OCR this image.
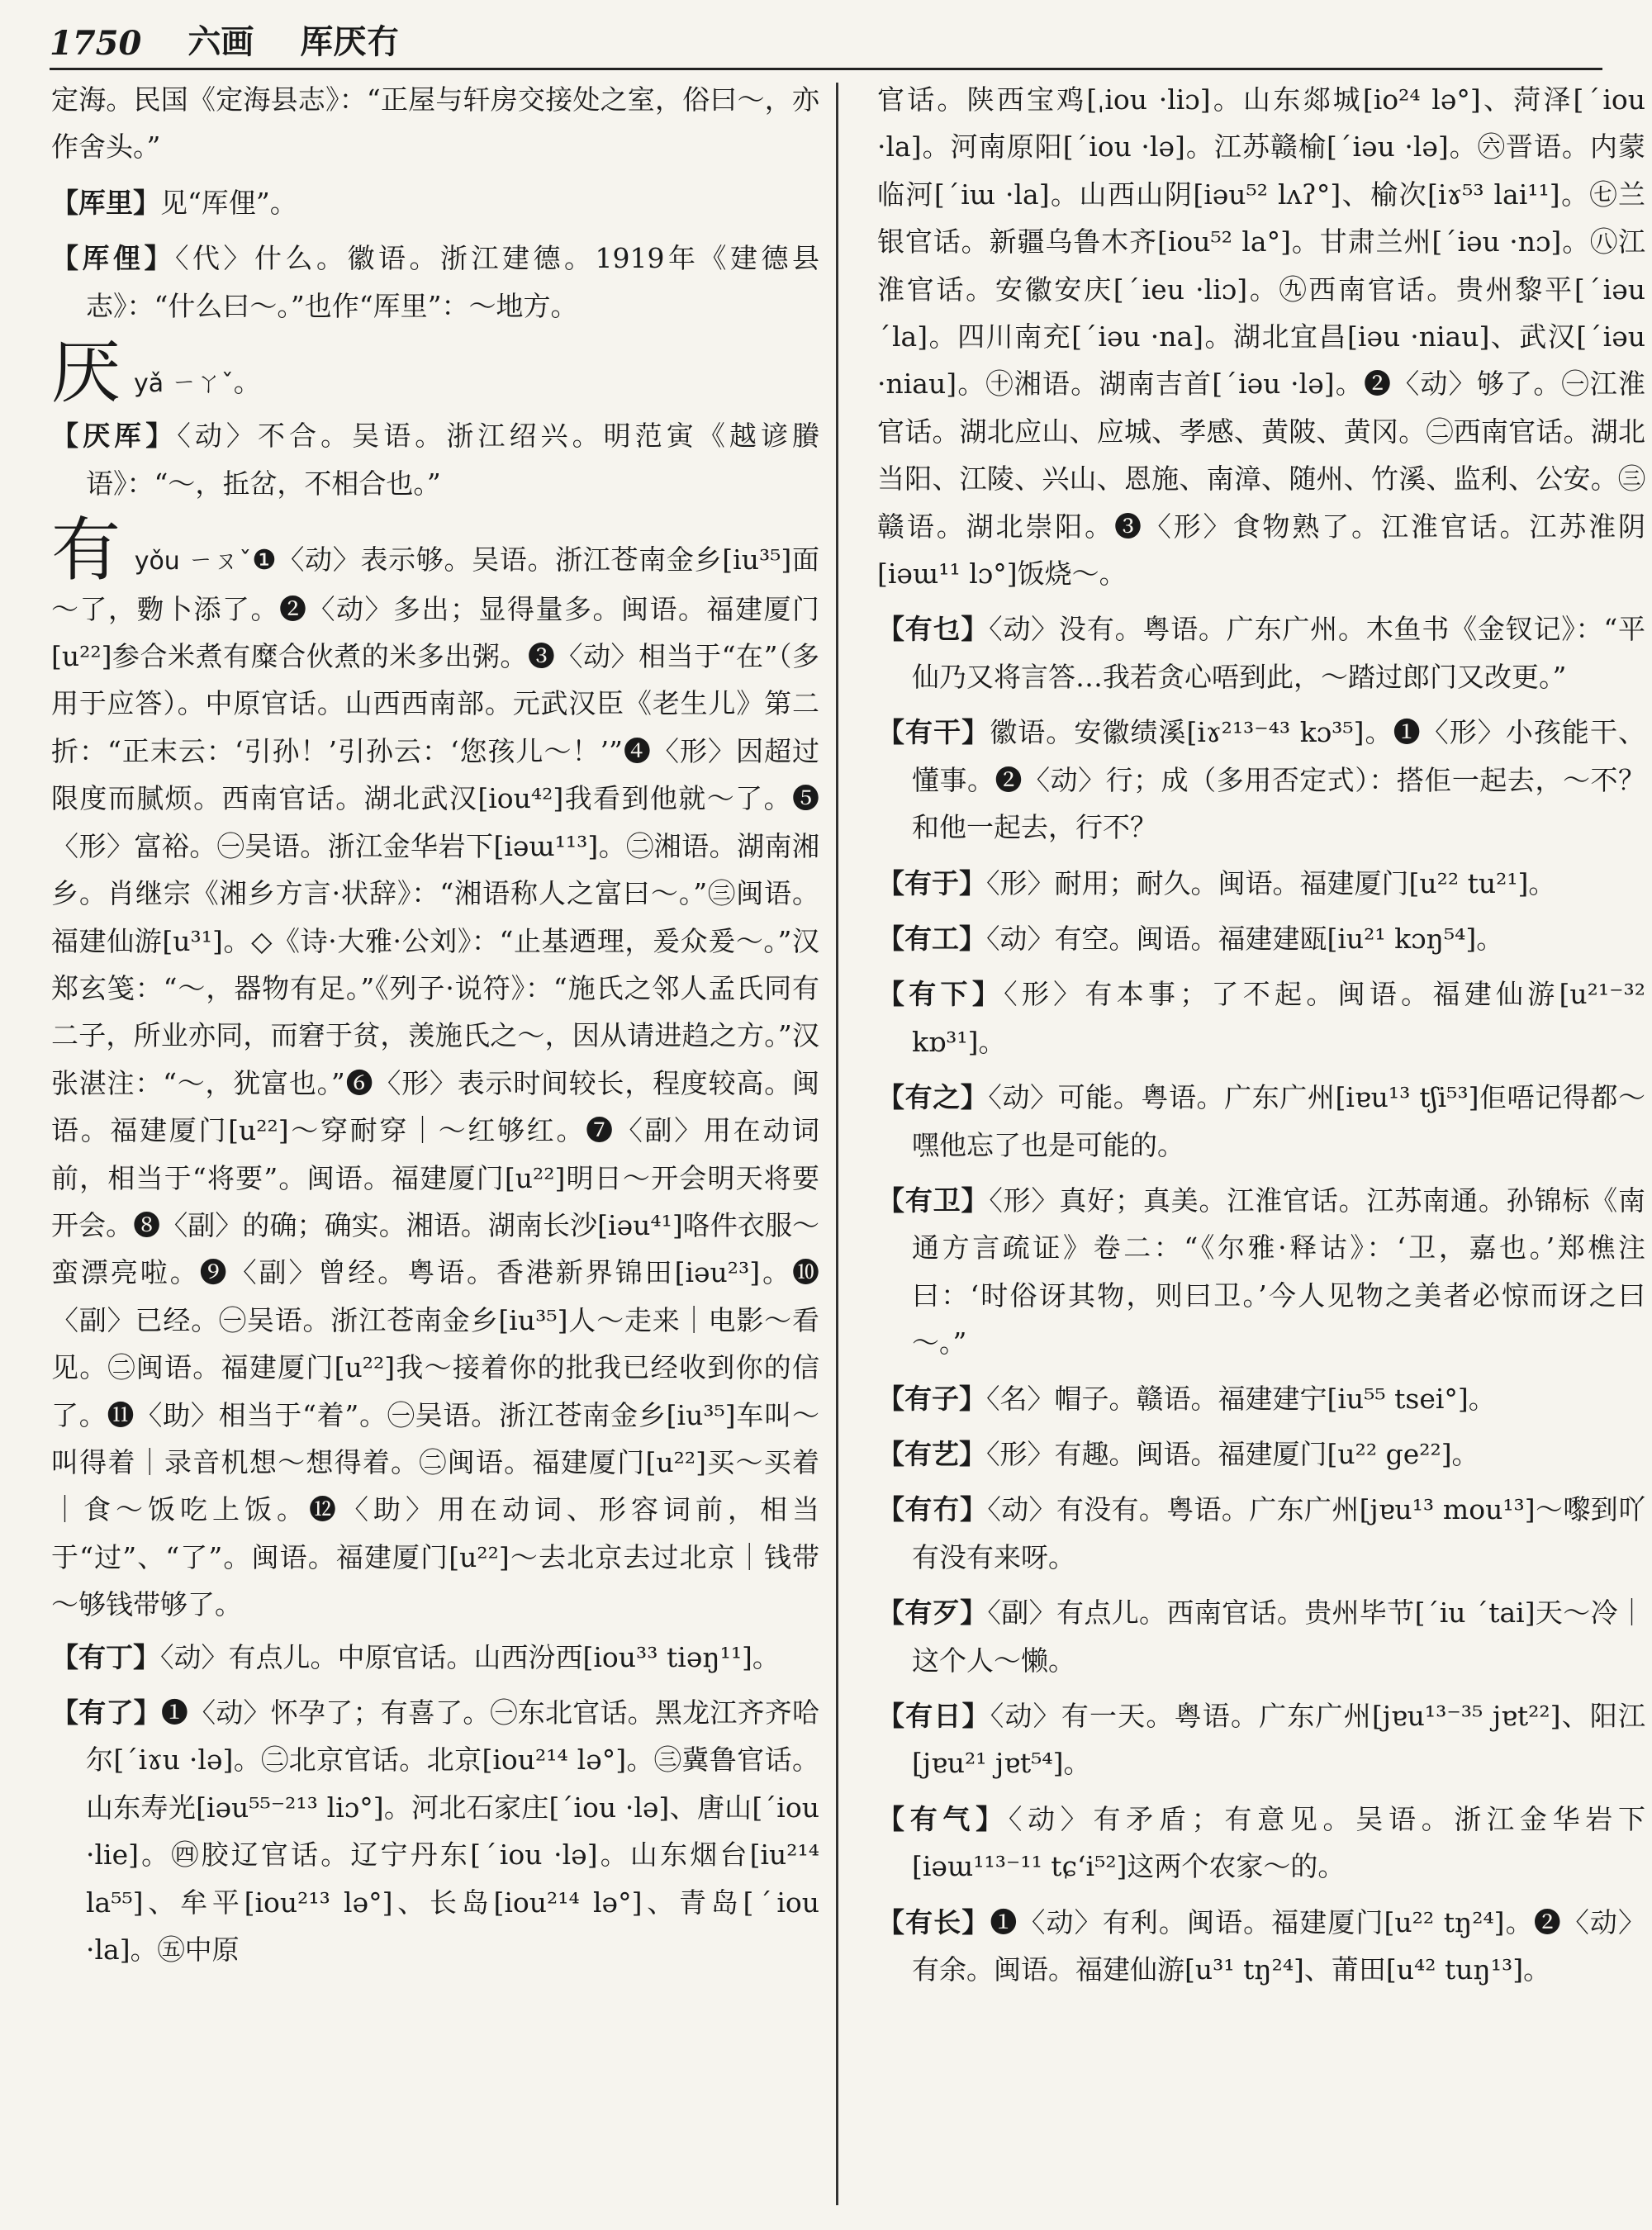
1750 六画 厍厌冇

定海。民国《定海县志》：“正屋与轩房交接处之室，俗曰～，亦作舍头。”

【厍里】见“厍俚”。

【厍俚】〈代〉什么。徽语。浙江建德。1919年《建德县志》：“什么曰～。”也作“厍里”：～地方。

厌yǎ ㄧㄚˇ。

【厌厍】〈动〉不合。吴语。浙江绍兴。明范寅《越谚賸语》：“～，拞岔，不相合也。”

有yǒu ㄧㄡˇ❶〈动〉表示够。吴语。浙江苍南金乡[iu³⁵]面～了，覅卜添了。❷〈动〉多出；显得量多。闽语。福建厦门[u²²]参合米煮有糜合伙煮的米多出粥。❸〈动〉相当于“在”（多用于应答）。中原官话。山西西南部。元武汉臣《老生儿》第二折：“正末云：‘引孙！’引孙云：‘您孩儿～！’”❹〈形〉因超过限度而腻烦。西南官话。湖北武汉[iou⁴²]我看到他就～了。❺〈形〉富裕。㊀吴语。浙江金华岩下[iəɯ¹¹³]。㊁湘语。湖南湘乡。肖继宗《湘乡方言·状辞》：“湘语称人之富曰～。”㊂闽语。福建仙游[u³¹]。◇《诗·大雅·公刘》：“止基迺理，爰众爰～。”汉郑玄笺：“～，器物有足。”《列子·说符》：“施氏之邻人孟氏同有二子，所业亦同，而窘于贫，羡施氏之～，因从请进趋之方。”汉张湛注：“～，犹富也。”❻〈形〉表示时间较长，程度较高。闽语。福建厦门[u²²]～穿耐穿｜～红够红。❼〈副〉用在动词前，相当于“将要”。闽语。福建厦门[u²²]明日～开会明天将要开会。❽〈副〉的确；确实。湘语。湖南长沙[iəu⁴¹]咯件衣服～蛮漂亮啦。❾〈副〉曾经。粤语。香港新界锦田[iəu²³]。❿〈副〉已经。㊀吴语。浙江苍南金乡[iu³⁵]人～走来｜电影～看见。㊁闽语。福建厦门[u²²]我～接着你的批我已经收到你的信了。⓫〈助〉相当于“着”。㊀吴语。浙江苍南金乡[iu³⁵]车叫～叫得着｜录音机想～想得着。㊁闽语。福建厦门[u²²]买～买着｜食～饭吃上饭。⓬〈助〉用在动词、形容词前，相当于“过”、“了”。闽语。福建厦门[u²²]～去北京去过北京｜钱带～够钱带够了。

【有丁】〈动〉有点儿。中原官话。山西汾西[iou³³ tiəŋ¹¹]。

【有了】❶〈动〉怀孕了；有喜了。㊀东北官话。黑龙江齐齐哈尔[ˊiɤu ·lə]。㊁北京官话。北京[iou²¹⁴ lə°]。㊂冀鲁官话。山东寿光[iəu⁵⁵⁻²¹³ liɔ°]。河北石家庄[ˊiou ·lə]、唐山[ˊiou ·lie]。㊃胶辽官话。辽宁丹东[ˊiou ·lə]。山东烟台[iu²¹⁴ la⁵⁵]、牟平[iou²¹³ lə°]、长岛[iou²¹⁴ lə°]、青岛[ˊiou ·la]。㊄中原

官话。陕西宝鸡[ˌiou ·liɔ]。山东郯城[io²⁴ lə°]、菏泽[ˊiou ·la]。河南原阳[ˊiou ·lə]。江苏赣榆[ˊiəu ·lə]。㊅晋语。内蒙临河[ˊiɯ ·la]。山西山阴[iəu⁵² lʌʔ°]、榆次[iɤ⁵³ lai¹¹]。㊆兰银官话。新疆乌鲁木齐[iou⁵² la°]。甘肃兰州[ˊiəu ·nɔ]。㊇江淮官话。安徽安庆[ˊieu ·liɔ]。㊈西南官话。贵州黎平[ˊiəu ˊla]。四川南充[ˊiəu ·na]。湖北宜昌[iəu ·niau]、武汉[ˊiəu ·niau]。㊉湘语。湖南吉首[ˊiəu ·lə]。❷〈动〉够了。㊀江淮官话。湖北应山、应城、孝感、黄陂、黄冈。㊁西南官话。湖北当阳、江陵、兴山、恩施、南漳、随州、竹溪、监利、公安。㊂赣语。湖北崇阳。❸〈形〉食物熟了。江淮官话。江苏淮阴[iəɯ¹¹ lɔ°]饭烧～。

【有乜】〈动〉没有。粤语。广东广州。木鱼书《金钗记》：“平仙乃又将言答…我若贪心唔到此，～踏过郎门又改更。”

【有干】徽语。安徽绩溪[iɤ²¹³⁻⁴³ kɔ³⁵]。❶〈形〉小孩能干、懂事。❷〈动〉行；成（多用否定式）：搭佢一起去，～不？和他一起去，行不？

【有于】〈形〉耐用；耐久。闽语。福建厦门[u²² tu²¹]。

【有工】〈动〉有空。闽语。福建建瓯[iu²¹ kɔŋ⁵⁴]。

【有下】〈形〉有本事；了不起。闽语。福建仙游[u²¹⁻³² kɒ³¹]。

【有之】〈动〉可能。粤语。广东广州[iɐu¹³ tʃi⁵³]佢唔记得都～嘿他忘了也是可能的。

【有卫】〈形〉真好；真美。江淮官话。江苏南通。孙锦标《南通方言疏证》卷二：“《尔雅·释诂》：‘卫，嘉也。’郑樵注曰：‘时俗讶其物，则曰卫。’今人见物之美者必惊而讶之曰～。”

【有子】〈名〉帽子。赣语。福建建宁[iu⁵⁵ tsei°]。

【有艺】〈形〉有趣。闽语。福建厦门[u²² ge²²]。

【有冇】〈动〉有没有。粤语。广东广州[jɐu¹³ mou¹³]～嚟到吖有没有来呀。

【有歹】〈副〉有点儿。西南官话。贵州毕节[ˊiu ˊtai]天～冷｜这个人～懒。

【有日】〈动〉有一天。粤语。广东广州[jɐu¹³⁻³⁵ jɐt²²]、阳江[jɐu²¹ jɐt⁵⁴]。

【有气】〈动〉有矛盾；有意见。吴语。浙江金华岩下[iəɯ¹¹³⁻¹¹ tɕʻi⁵²]这两个农家～的。

【有长】❶〈动〉有利。闽语。福建厦门[u²² tŋ²⁴]。❷〈动〉有余。闽语。福建仙游[u³¹ tŋ²⁴]、莆田[u⁴² tuŋ¹³]。
